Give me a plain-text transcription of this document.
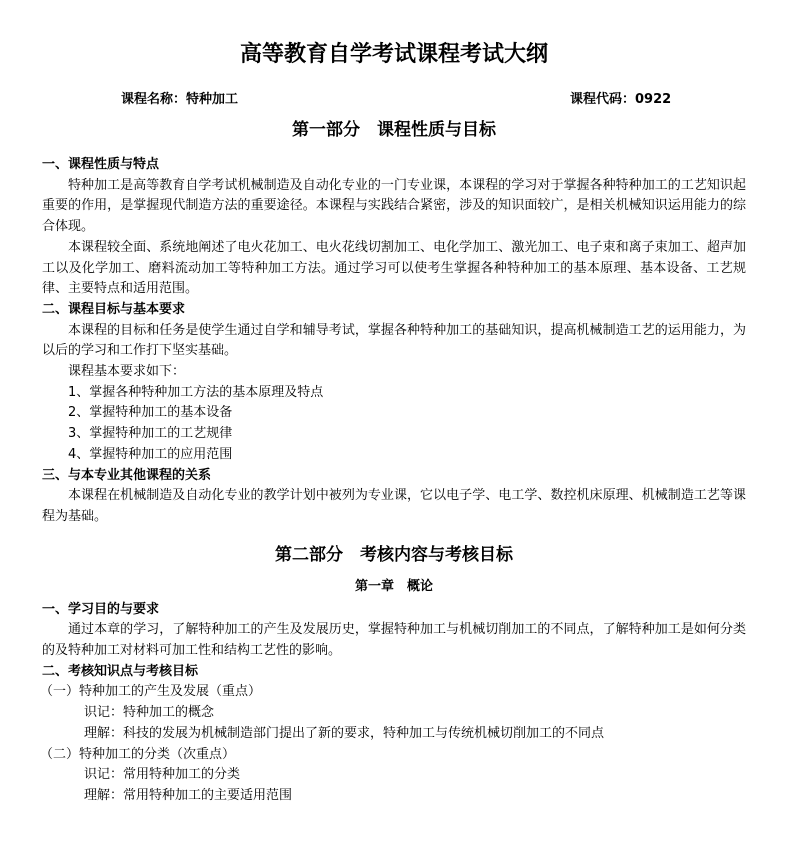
高等教育自学考试课程考试大纲
课程名称：特种加工	课程代码：0922
第一部分　课程性质与目标
一、课程性质与特点
特种加工是高等教育自学考试机械制造及自动化专业的一门专业课，本课程的学习对于掌握各种特种加工的工艺知识起重要的作用，是掌握现代制造方法的重要途径。本课程与实践结合紧密，涉及的知识面较广，是相关机械知识运用能力的综合体现。
本课程较全面、系统地阐述了电火花加工、电火花线切割加工、电化学加工、激光加工、电子束和离子束加工、超声加工以及化学加工、磨料流动加工等特种加工方法。通过学习可以使考生掌握各种特种加工的基本原理、基本设备、工艺规律、主要特点和适用范围。
二、课程目标与基本要求
本课程的目标和任务是使学生通过自学和辅导考试，掌握各种特种加工的基础知识，提高机械制造工艺的运用能力，为以后的学习和工作打下坚实基础。
课程基本要求如下：
1、掌握各种特种加工方法的基本原理及特点
2、掌握特种加工的基本设备
3、掌握特种加工的工艺规律
4、掌握特种加工的应用范围
三、与本专业其他课程的关系
本课程在机械制造及自动化专业的教学计划中被列为专业课，它以电子学、电工学、数控机床原理、机械制造工艺等课程为基础。
第二部分　考核内容与考核目标
第一章　概论
一、学习目的与要求
通过本章的学习，了解特种加工的产生及发展历史，掌握特种加工与机械切削加工的不同点，了解特种加工是如何分类的及特种加工对材料可加工性和结构工艺性的影响。
二、考核知识点与考核目标
（一）特种加工的产生及发展（重点）
识记：特种加工的概念
理解：科技的发展为机械制造部门提出了新的要求，特种加工与传统机械切削加工的不同点
（二）特种加工的分类（次重点）
识记：常用特种加工的分类
理解：常用特种加工的主要适用范围
